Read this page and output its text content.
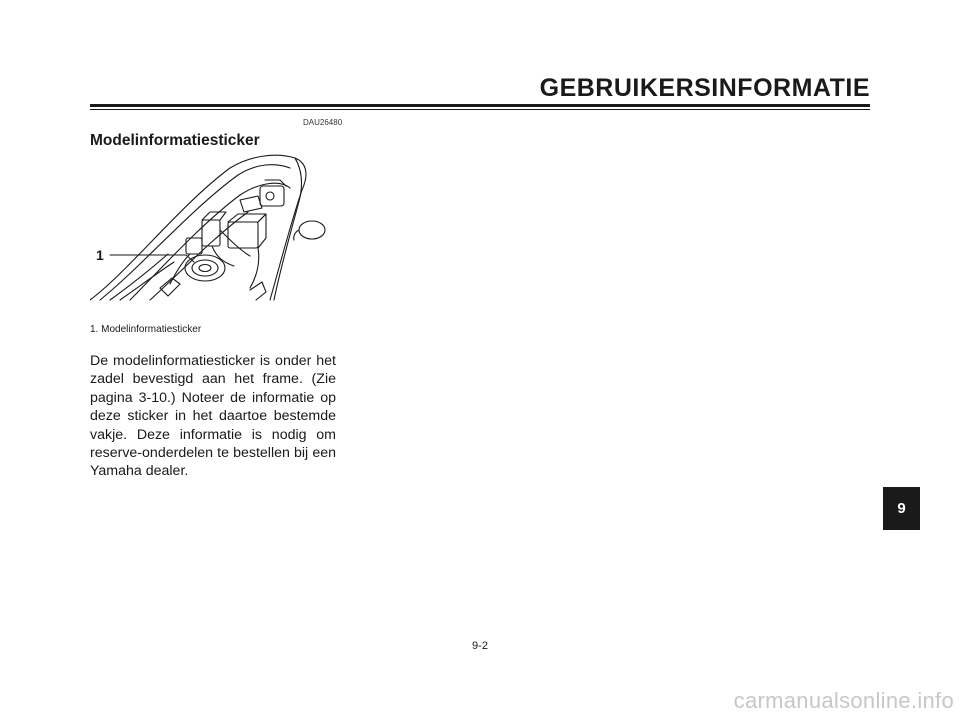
GEBRUIKERSINFORMATIE
DAU26480
Modelinformatiesticker
1
1. Modelinformatiesticker
De modelinformatiesticker is onder het zadel bevestigd aan het frame. (Zie pagina 3-10.) Noteer de informatie op deze sticker in het daartoe bestemde vakje. Deze informatie is nodig om reserve-onderdelen te bestellen bij een Yamaha dealer.
9
9-2
carmanualsonline.info
